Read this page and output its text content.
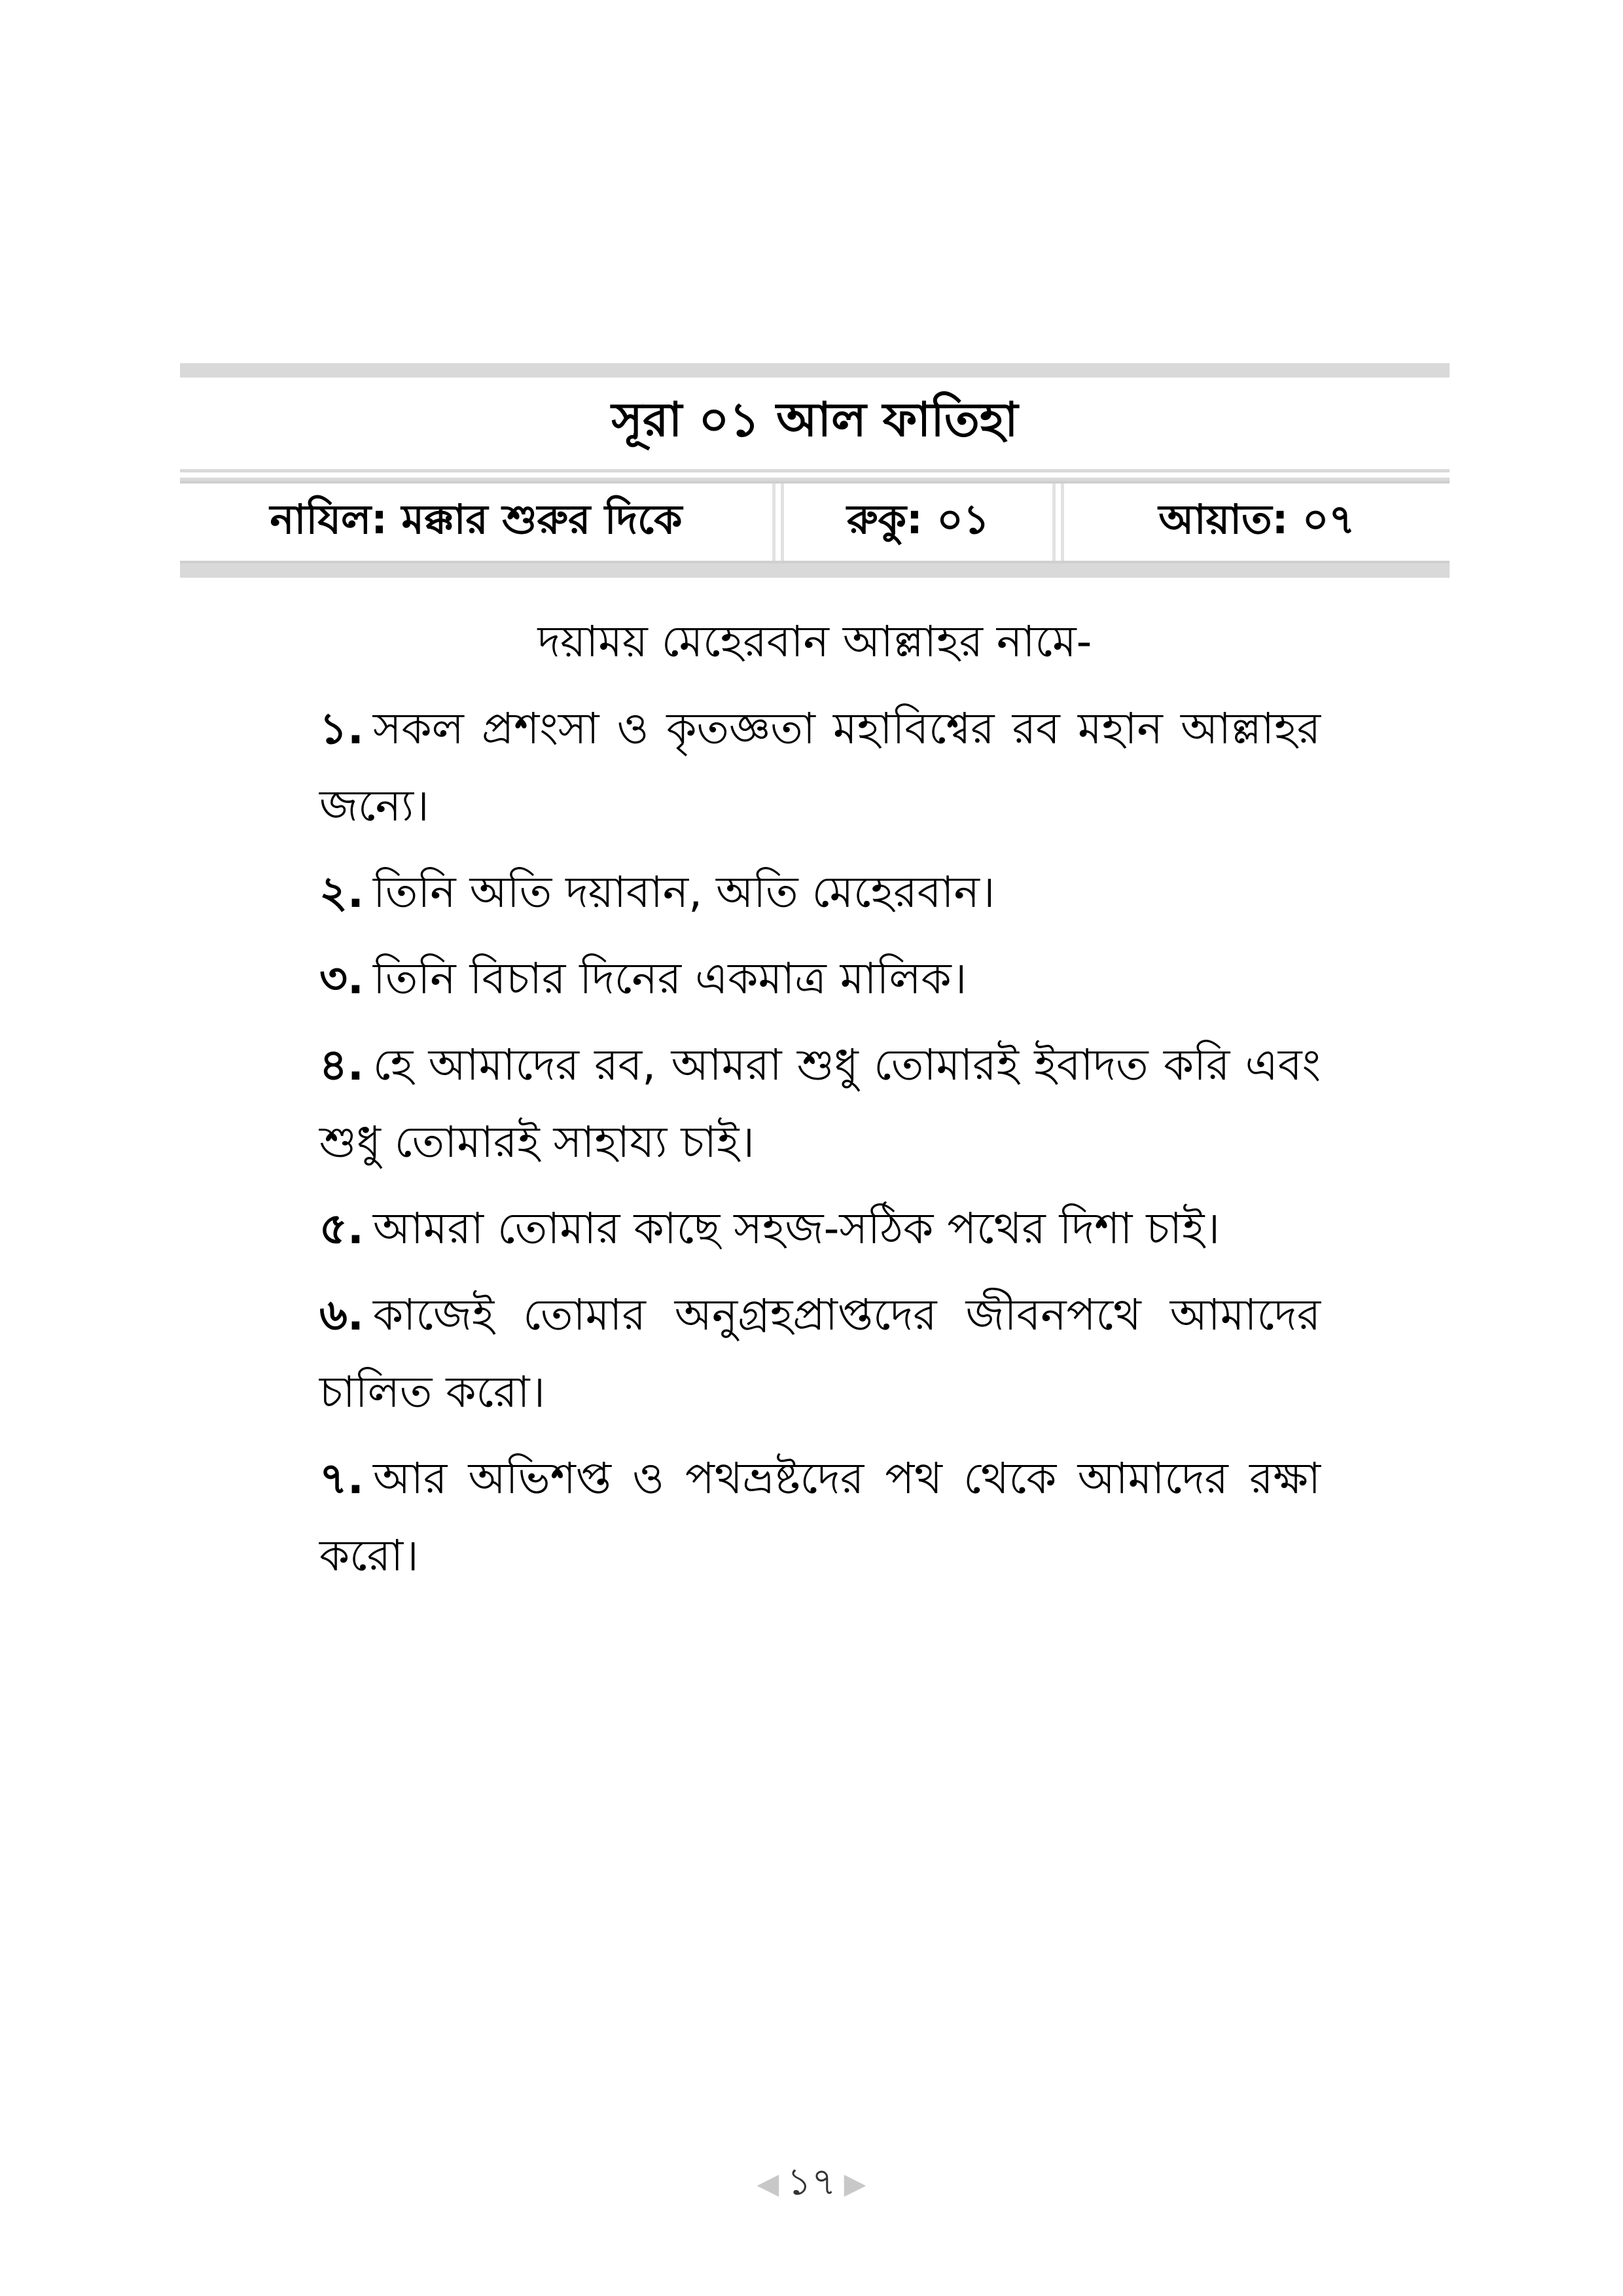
সূরা ০১ আল ফাতিহা
নাযিল: মক্কার শুরুর দিকে	রুকু: ০১	আয়াত: ০৭
দয়াময় মেহেরবান আল্লাহর নামে-

১. সকল প্রশংসা ও কৃতজ্ঞতা মহাবিশ্বের রব মহান আল্লাহর জন্যে।

২. তিনি অতি দয়াবান, অতি মেহেরবান।

৩. তিনি বিচার দিনের একমাত্র মালিক।

৪. হে আমাদের রব, আমরা শুধু তোমারই ইবাদত করি এবং শুধু তোমারই সাহায্য চাই।

৫. আমরা তোমার কাছে সহজ-সঠিক পথের দিশা চাই।

৬. কাজেই তোমার অনুগ্রহপ্রাপ্তদের জীবনপথে আমাদের চালিত করো।

৭. আর অভিশপ্ত ও পথভ্রষ্টদের পথ থেকে আমাদের রক্ষা করো।

◀ ১৭ ▶
